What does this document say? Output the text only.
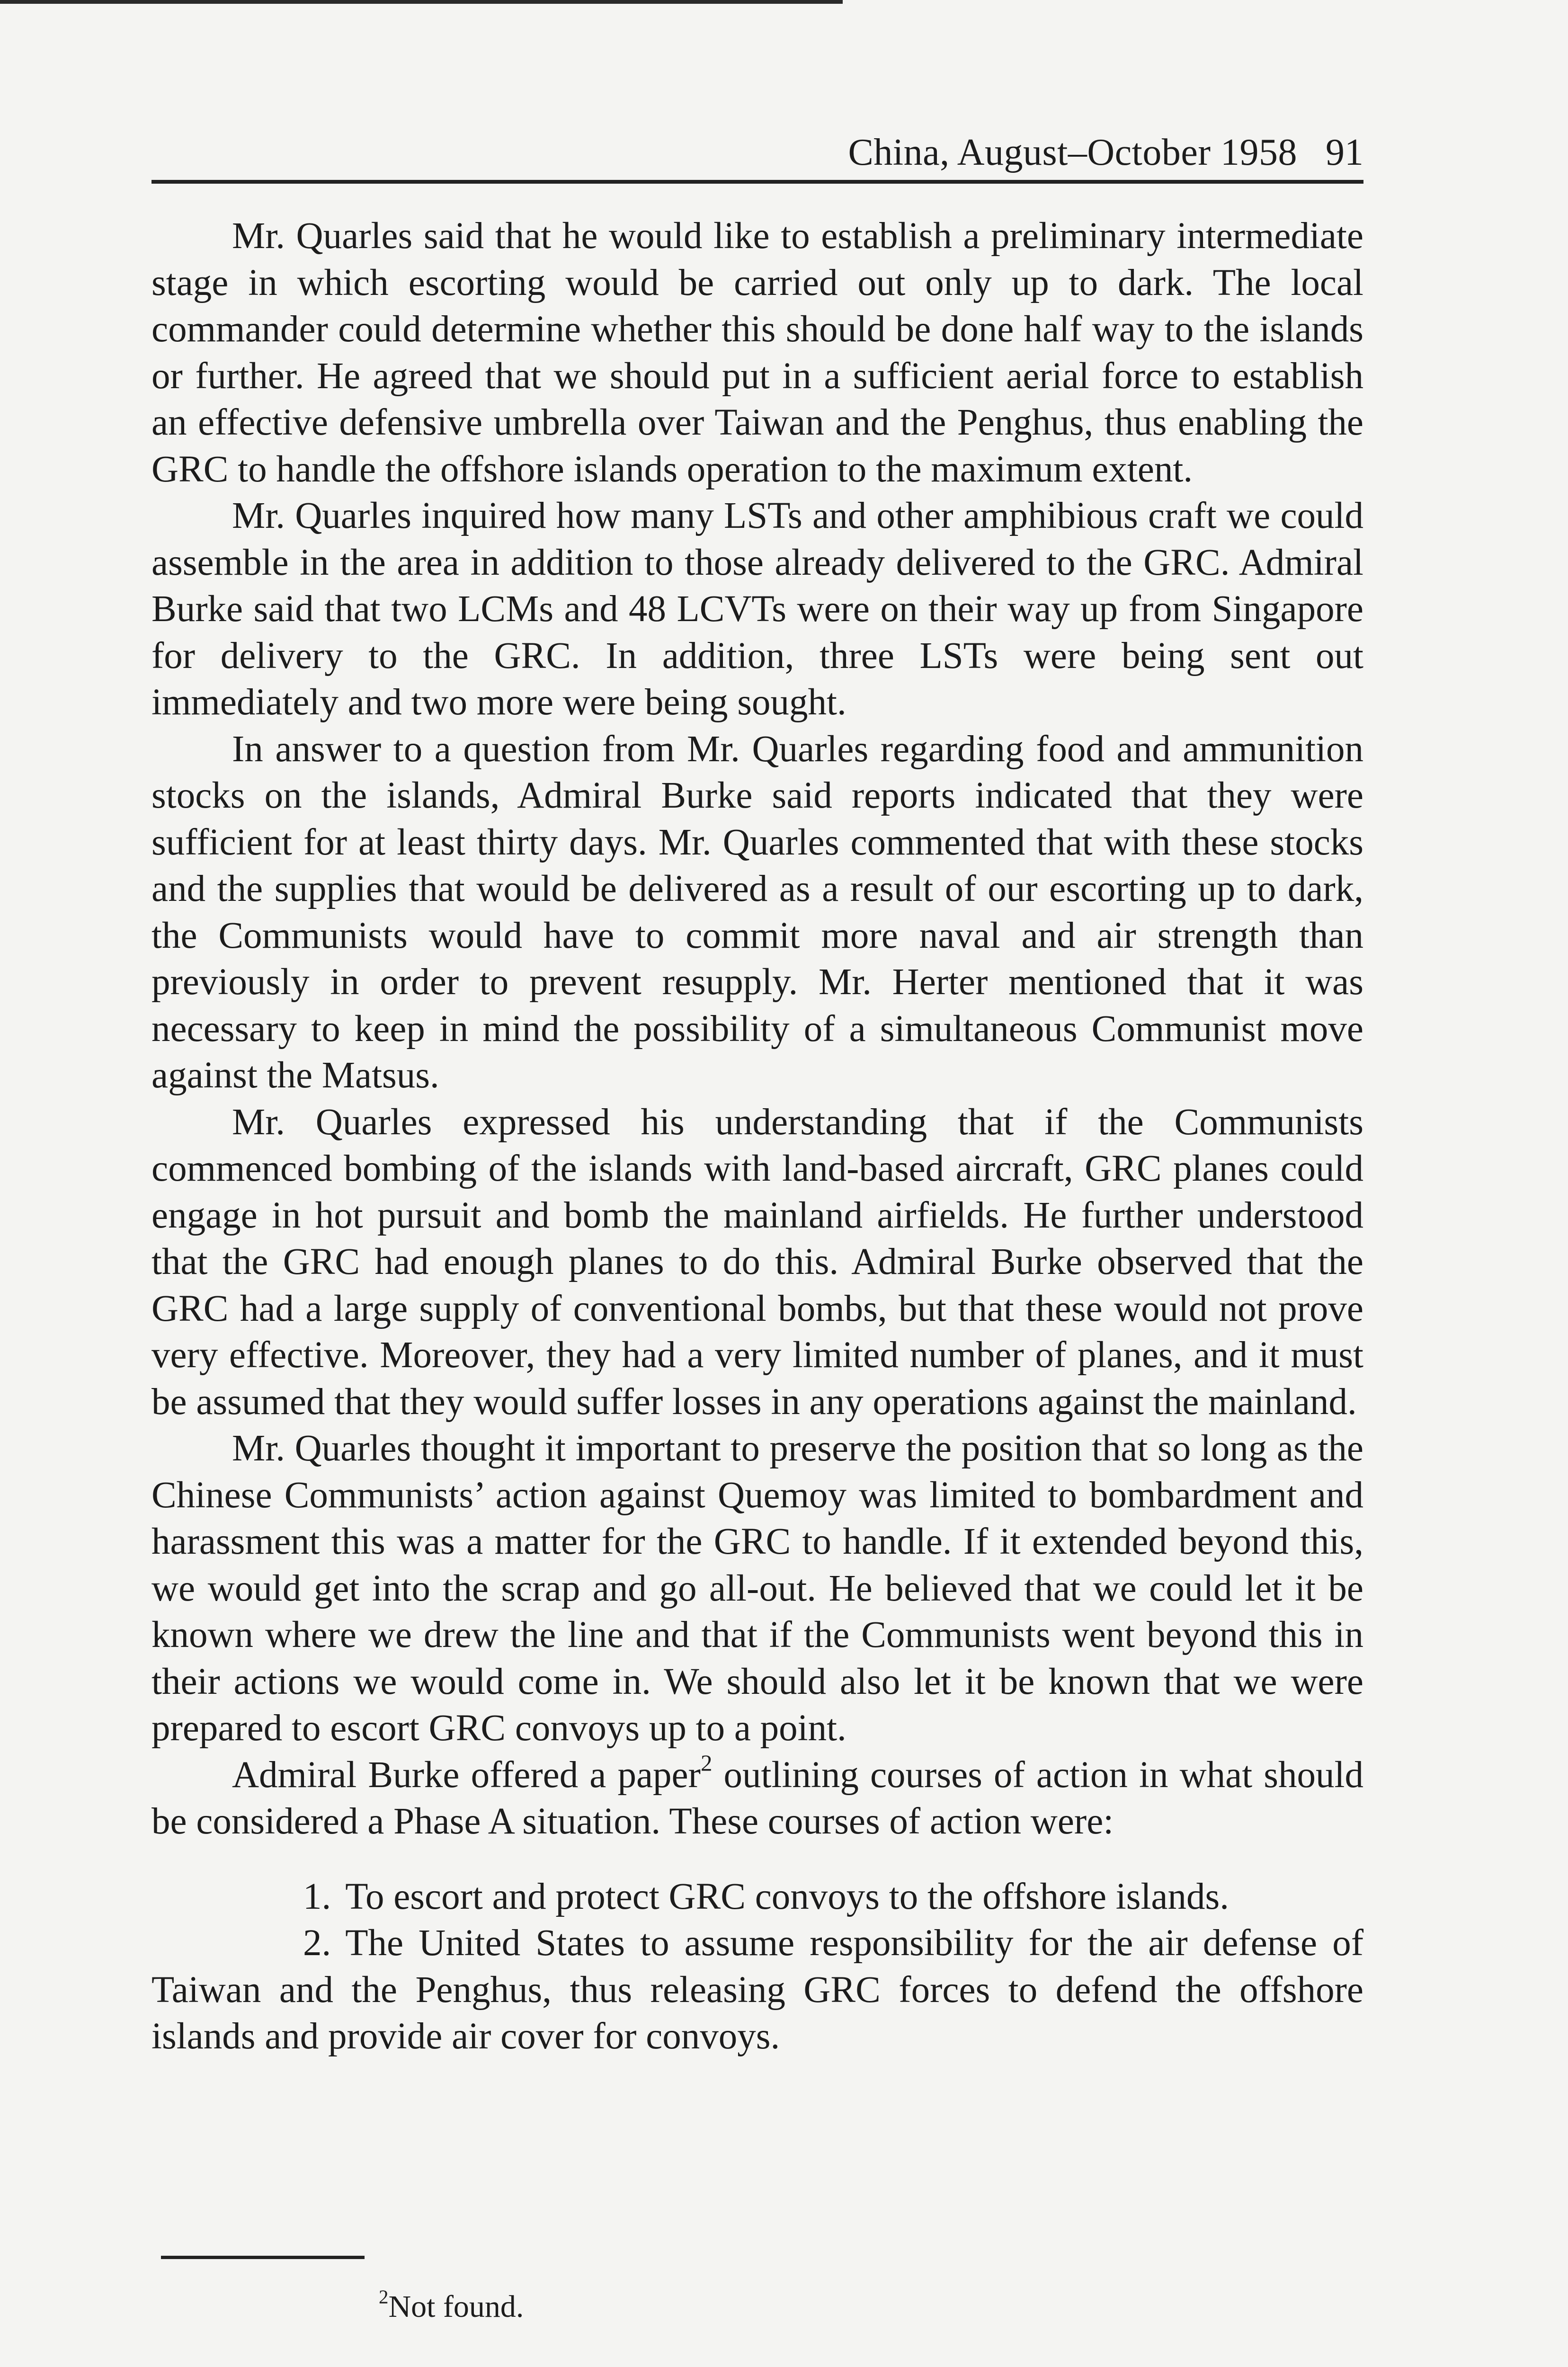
China, August–October 1958 91

Mr. Quarles said that he would like to establish a preliminary intermediate stage in which escorting would be carried out only up to dark. The local commander could determine whether this should be done half way to the islands or further. He agreed that we should put in a sufficient aerial force to establish an effective defensive umbrella over Taiwan and the Penghus, thus enabling the GRC to handle the offshore islands operation to the maximum extent.

Mr. Quarles inquired how many LSTs and other amphibious craft we could assemble in the area in addition to those already delivered to the GRC. Admiral Burke said that two LCMs and 48 LCVTs were on their way up from Singapore for delivery to the GRC. In addition, three LSTs were being sent out immediately and two more were being sought.

In answer to a question from Mr. Quarles regarding food and ammunition stocks on the islands, Admiral Burke said reports indicated that they were sufficient for at least thirty days. Mr. Quarles commented that with these stocks and the supplies that would be delivered as a result of our escorting up to dark, the Communists would have to commit more naval and air strength than previously in order to prevent resupply. Mr. Herter mentioned that it was necessary to keep in mind the possibility of a simultaneous Communist move against the Matsus.

Mr. Quarles expressed his understanding that if the Communists commenced bombing of the islands with land-based aircraft, GRC planes could engage in hot pursuit and bomb the mainland airfields. He further understood that the GRC had enough planes to do this. Admiral Burke observed that the GRC had a large supply of conventional bombs, but that these would not prove very effective. Moreover, they had a very limited number of planes, and it must be assumed that they would suffer losses in any operations against the mainland.

Mr. Quarles thought it important to preserve the position that so long as the Chinese Communists’ action against Quemoy was limited to bombardment and harassment this was a matter for the GRC to handle. If it extended beyond this, we would get into the scrap and go all-out. He believed that we could let it be known where we drew the line and that if the Communists went beyond this in their actions we would come in. We should also let it be known that we were prepared to escort GRC convoys up to a point.

Admiral Burke offered a paper$^2$ outlining courses of action in what should be considered a Phase A situation. These courses of action were:

1. To escort and protect GRC convoys to the offshore islands.

2. The United States to assume responsibility for the air defense of Taiwan and the Penghus, thus releasing GRC forces to defend the offshore islands and provide air cover for convoys.

$^2$Not found.
